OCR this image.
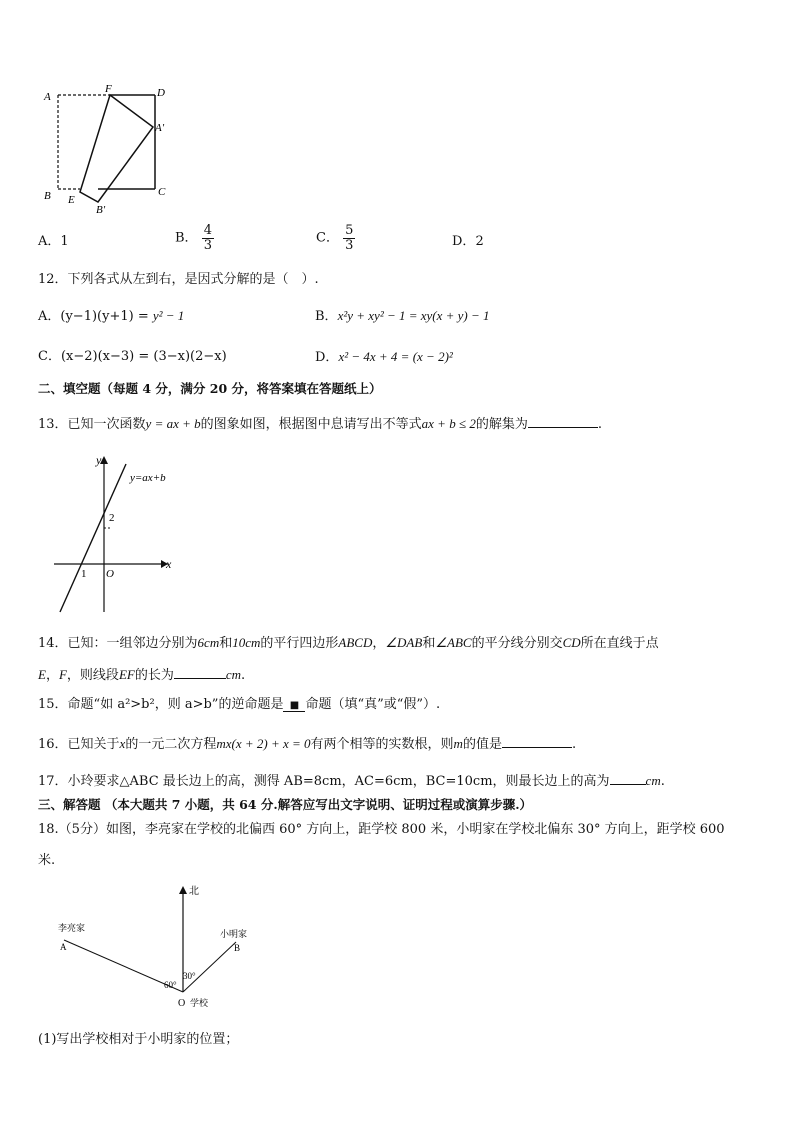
A
F	D
A′
B E
C
B′
A．1	B． $\frac{4}{3}$	C． $\frac{5}{3}$	D．2
12．下列各式从左到右，是因式分解的是（　）.
A．(y−1)(y+1) = y² − 1	B．x²y + xy² − 1 = xy(x + y) − 1
C．(x−2)(x−3) = (3−x)(2−x)	D．x² − 4x + 4 = (x − 2)²
二、填空题（每题 4 分，满分 20 分，将答案填在答题纸上）
13．已知一次函数y = ax + b的图象如图，根据图中息请写出不等式ax + b ≤ 2的解集为	.
y
x
y=ax+b
2
1 O
14．已知：一组邻边分别为6cm和10cm的平行四边形ABCD，∠DAB和∠ABC的平分线分别交CD所在直线于点
E，F，则线段EF的长为	cm.
15．命题“如 a²>b²，则 a>b”的逆命题是 ■ 命题（填“真”或“假”）.
16．已知关于x的一元二次方程mx(x + 2) + x = 0有两个相等的实数根，则m的值是	.
17．小玲要求△ABC 最长边上的高，测得 AB=8cm，AC=6cm，BC=10cm，则最长边上的高为	cm.
三、解答题 （本大题共 7 小题，共 64 分.解答应写出文字说明、证明过程或演算步骤.）
18.（5分）如图，李亮家在学校的北偏西 60° 方向上，距学校 800 米，小明家在学校北偏东 30° 方向上，距学校 600
米.
北
李亮家
A
小明家
B
30°
60°
O 学校
(1)写出学校相对于小明家的位置；
